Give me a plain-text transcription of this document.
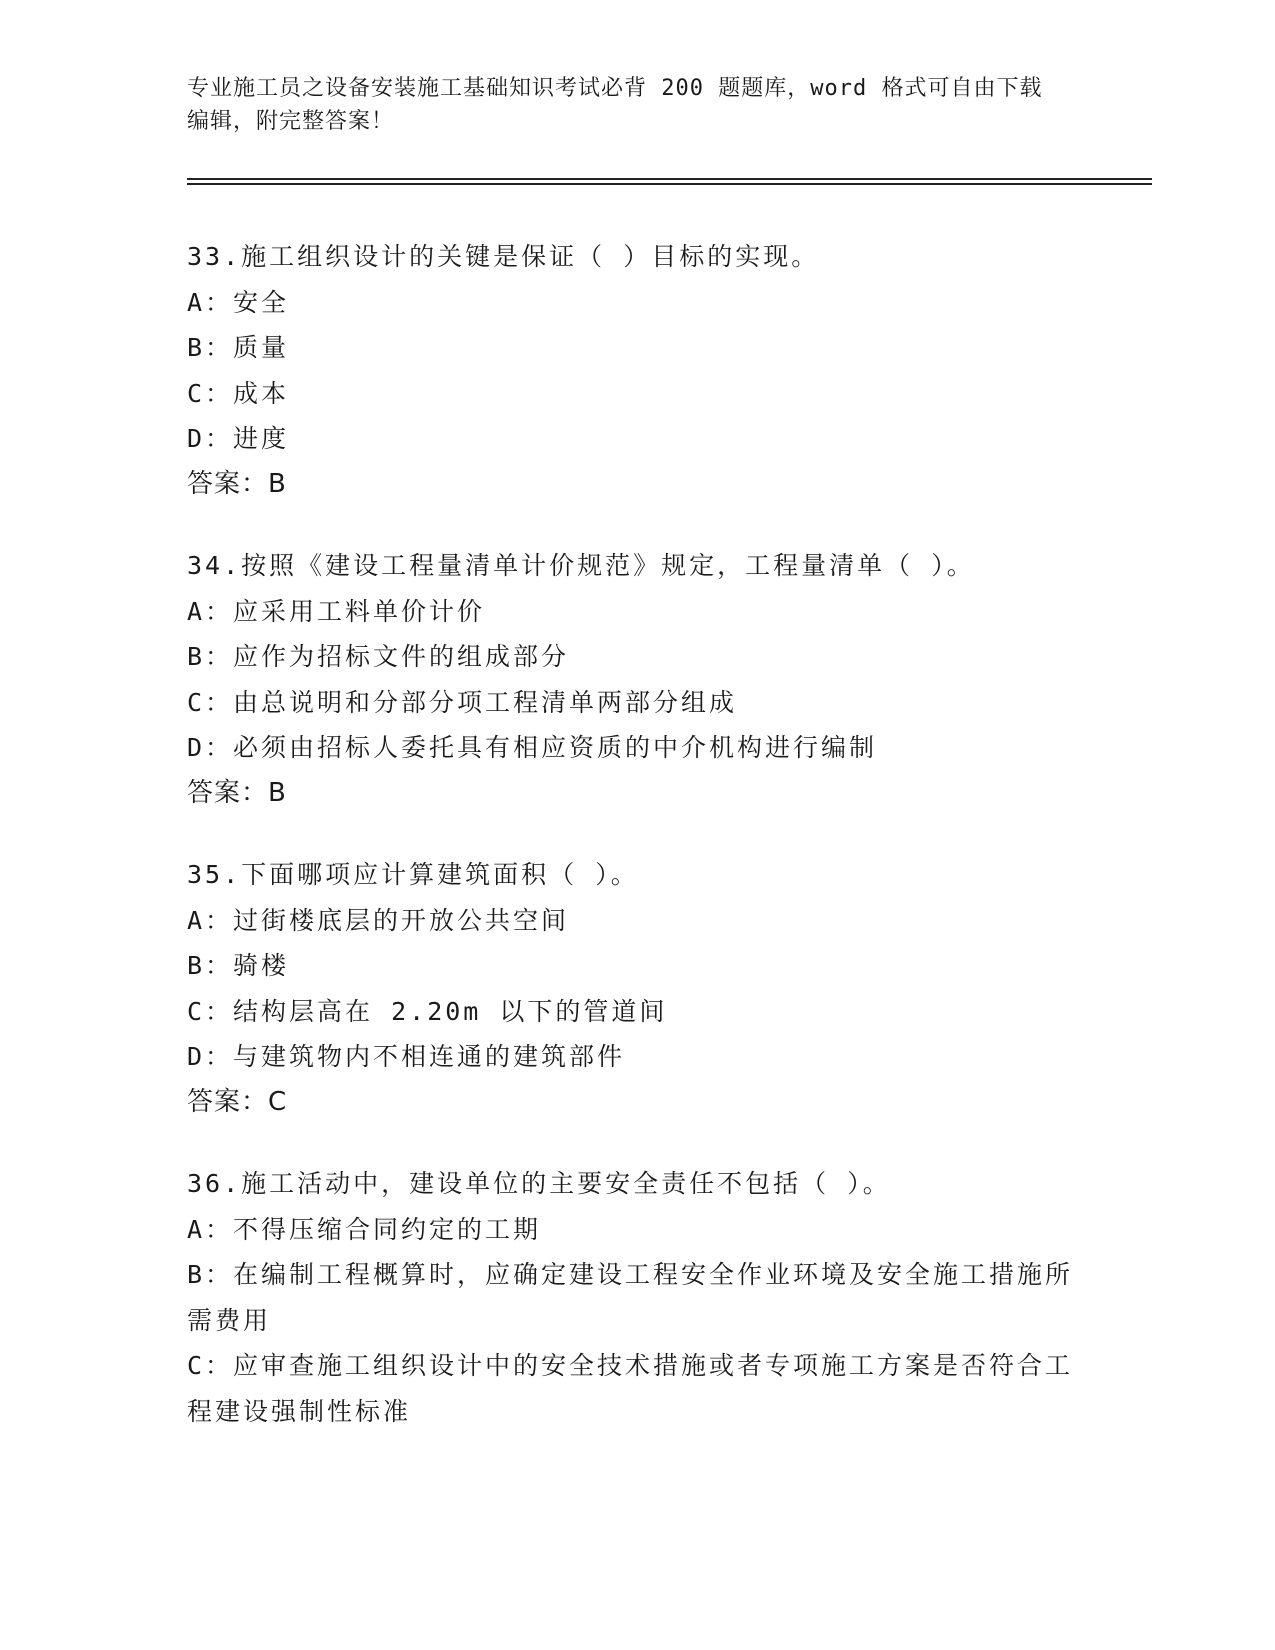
专业施工员之设备安装施工基础知识考试必背 200 题题库，word 格式可自由下载
编辑，附完整答案！
33.施工组织设计的关键是保证（ ）目标的实现。
A：安全
B：质量
C：成本
D：进度
答案：B
34.按照《建设工程量清单计价规范》规定，工程量清单（ ）。
A：应采用工料单价计价
B：应作为招标文件的组成部分
C：由总说明和分部分项工程清单两部分组成
D：必须由招标人委托具有相应资质的中介机构进行编制
答案：B
35.下面哪项应计算建筑面积（ ）。
A：过街楼底层的开放公共空间
B：骑楼
C：结构层高在 2.20m 以下的管道间
D：与建筑物内不相连通的建筑部件
答案：C
36.施工活动中，建设单位的主要安全责任不包括（ ）。
A：不得压缩合同约定的工期
B：在编制工程概算时，应确定建设工程安全作业环境及安全施工措施所需费用
C：应审查施工组织设计中的安全技术措施或者专项施工方案是否符合工程建设强制性标准
